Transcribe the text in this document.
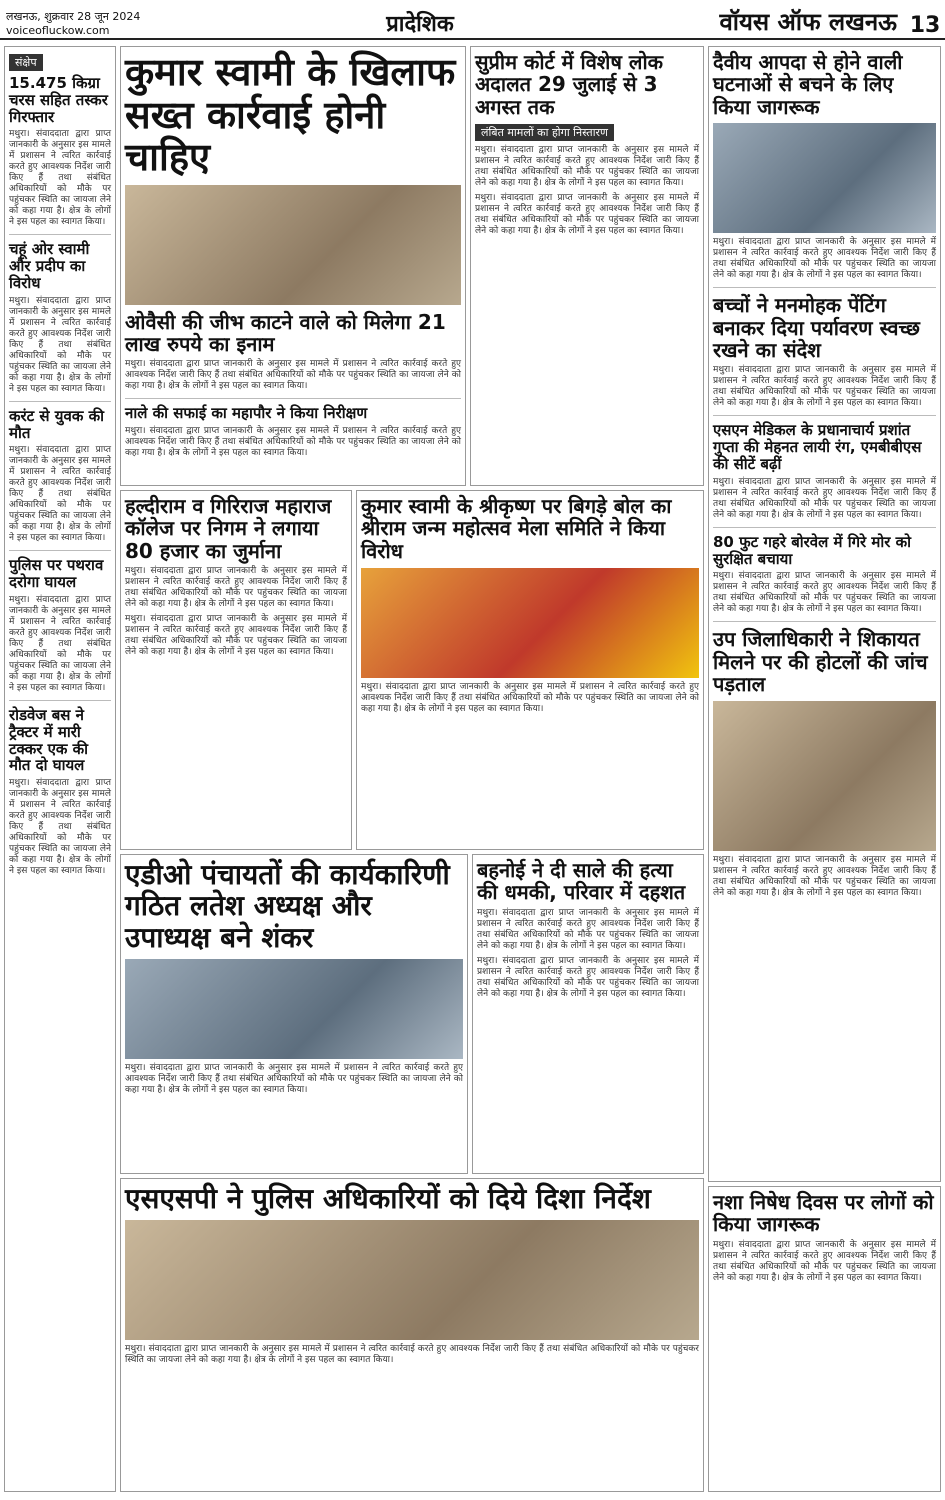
लखनऊ, शुक्रवार 28 जून 2024
voiceofluckow.com	प्रादेशिक	वॉयस ऑफ लखनऊ 13
संक्षेप
15.475 किग्रा चरस सहित तस्कर गिरफ्तार
मथुरा। संवाददाता द्वारा प्राप्त जानकारी के अनुसार इस मामले में प्रशासन ने त्वरित कार्रवाई करते हुए आवश्यक निर्देश जारी किए हैं तथा संबंधित अधिकारियों को मौके पर पहुंचकर स्थिति का जायजा लेने को कहा गया है। क्षेत्र के लोगों ने इस पहल का स्वागत किया।
चहूं ओर स्वामी और प्रदीप का विरोध
मथुरा। संवाददाता द्वारा प्राप्त जानकारी के अनुसार इस मामले में प्रशासन ने त्वरित कार्रवाई करते हुए आवश्यक निर्देश जारी किए हैं तथा संबंधित अधिकारियों को मौके पर पहुंचकर स्थिति का जायजा लेने को कहा गया है। क्षेत्र के लोगों ने इस पहल का स्वागत किया।
करंट से युवक की मौत
मथुरा। संवाददाता द्वारा प्राप्त जानकारी के अनुसार इस मामले में प्रशासन ने त्वरित कार्रवाई करते हुए आवश्यक निर्देश जारी किए हैं तथा संबंधित अधिकारियों को मौके पर पहुंचकर स्थिति का जायजा लेने को कहा गया है। क्षेत्र के लोगों ने इस पहल का स्वागत किया।
पुलिस पर पथराव दरोगा घायल
मथुरा। संवाददाता द्वारा प्राप्त जानकारी के अनुसार इस मामले में प्रशासन ने त्वरित कार्रवाई करते हुए आवश्यक निर्देश जारी किए हैं तथा संबंधित अधिकारियों को मौके पर पहुंचकर स्थिति का जायजा लेने को कहा गया है। क्षेत्र के लोगों ने इस पहल का स्वागत किया।
रोडवेज बस ने ट्रैक्टर में मारी टक्कर एक की मौत दो घायल
मथुरा। संवाददाता द्वारा प्राप्त जानकारी के अनुसार इस मामले में प्रशासन ने त्वरित कार्रवाई करते हुए आवश्यक निर्देश जारी किए हैं तथा संबंधित अधिकारियों को मौके पर पहुंचकर स्थिति का जायजा लेने को कहा गया है। क्षेत्र के लोगों ने इस पहल का स्वागत किया।
कुमार स्वामी के खिलाफ सख्त कार्रवाई होनी चाहिए
ओवैसी की जीभ काटने वाले को मिलेगा 21 लाख रुपये का इनाम
मथुरा। संवाददाता द्वारा प्राप्त जानकारी के अनुसार इस मामले में प्रशासन ने त्वरित कार्रवाई करते हुए आवश्यक निर्देश जारी किए हैं तथा संबंधित अधिकारियों को मौके पर पहुंचकर स्थिति का जायजा लेने को कहा गया है। क्षेत्र के लोगों ने इस पहल का स्वागत किया।
नाले की सफाई का महापौर ने किया निरीक्षण
मथुरा। संवाददाता द्वारा प्राप्त जानकारी के अनुसार इस मामले में प्रशासन ने त्वरित कार्रवाई करते हुए आवश्यक निर्देश जारी किए हैं तथा संबंधित अधिकारियों को मौके पर पहुंचकर स्थिति का जायजा लेने को कहा गया है। क्षेत्र के लोगों ने इस पहल का स्वागत किया।
सुप्रीम कोर्ट में विशेष लोक अदालत 29 जुलाई से 3 अगस्त तक
लंबित मामलों का होगा निस्तारण
मथुरा। संवाददाता द्वारा प्राप्त जानकारी के अनुसार इस मामले में प्रशासन ने त्वरित कार्रवाई करते हुए आवश्यक निर्देश जारी किए हैं तथा संबंधित अधिकारियों को मौके पर पहुंचकर स्थिति का जायजा लेने को कहा गया है। क्षेत्र के लोगों ने इस पहल का स्वागत किया।
मथुरा। संवाददाता द्वारा प्राप्त जानकारी के अनुसार इस मामले में प्रशासन ने त्वरित कार्रवाई करते हुए आवश्यक निर्देश जारी किए हैं तथा संबंधित अधिकारियों को मौके पर पहुंचकर स्थिति का जायजा लेने को कहा गया है। क्षेत्र के लोगों ने इस पहल का स्वागत किया।
दैवीय आपदा से होने वाली घटनाओं से बचने के लिए किया जागरूक
मथुरा। संवाददाता द्वारा प्राप्त जानकारी के अनुसार इस मामले में प्रशासन ने त्वरित कार्रवाई करते हुए आवश्यक निर्देश जारी किए हैं तथा संबंधित अधिकारियों को मौके पर पहुंचकर स्थिति का जायजा लेने को कहा गया है। क्षेत्र के लोगों ने इस पहल का स्वागत किया।
बच्चों ने मनमोहक पेंटिंग बनाकर दिया पर्यावरण स्वच्छ रखने का संदेश
मथुरा। संवाददाता द्वारा प्राप्त जानकारी के अनुसार इस मामले में प्रशासन ने त्वरित कार्रवाई करते हुए आवश्यक निर्देश जारी किए हैं तथा संबंधित अधिकारियों को मौके पर पहुंचकर स्थिति का जायजा लेने को कहा गया है। क्षेत्र के लोगों ने इस पहल का स्वागत किया।
एसएन मेडिकल के प्रधानाचार्य प्रशांत गुप्ता की मेहनत लायी रंग, एमबीबीएस की सीटें बढ़ीं
मथुरा। संवाददाता द्वारा प्राप्त जानकारी के अनुसार इस मामले में प्रशासन ने त्वरित कार्रवाई करते हुए आवश्यक निर्देश जारी किए हैं तथा संबंधित अधिकारियों को मौके पर पहुंचकर स्थिति का जायजा लेने को कहा गया है। क्षेत्र के लोगों ने इस पहल का स्वागत किया।
80 फुट गहरे बोरवेल में गिरे मोर को सुरक्षित बचाया
मथुरा। संवाददाता द्वारा प्राप्त जानकारी के अनुसार इस मामले में प्रशासन ने त्वरित कार्रवाई करते हुए आवश्यक निर्देश जारी किए हैं तथा संबंधित अधिकारियों को मौके पर पहुंचकर स्थिति का जायजा लेने को कहा गया है। क्षेत्र के लोगों ने इस पहल का स्वागत किया।
उप जिलाधिकारी ने शिकायत मिलने पर की होटलों की जांच पड़ताल
मथुरा। संवाददाता द्वारा प्राप्त जानकारी के अनुसार इस मामले में प्रशासन ने त्वरित कार्रवाई करते हुए आवश्यक निर्देश जारी किए हैं तथा संबंधित अधिकारियों को मौके पर पहुंचकर स्थिति का जायजा लेने को कहा गया है। क्षेत्र के लोगों ने इस पहल का स्वागत किया।
हल्दीराम व गिरिराज महाराज कॉलेज पर निगम ने लगाया 80 हजार का जुर्माना
मथुरा। संवाददाता द्वारा प्राप्त जानकारी के अनुसार इस मामले में प्रशासन ने त्वरित कार्रवाई करते हुए आवश्यक निर्देश जारी किए हैं तथा संबंधित अधिकारियों को मौके पर पहुंचकर स्थिति का जायजा लेने को कहा गया है। क्षेत्र के लोगों ने इस पहल का स्वागत किया।
मथुरा। संवाददाता द्वारा प्राप्त जानकारी के अनुसार इस मामले में प्रशासन ने त्वरित कार्रवाई करते हुए आवश्यक निर्देश जारी किए हैं तथा संबंधित अधिकारियों को मौके पर पहुंचकर स्थिति का जायजा लेने को कहा गया है। क्षेत्र के लोगों ने इस पहल का स्वागत किया।
कुमार स्वामी के श्रीकृष्ण पर बिगड़े बोल का श्रीराम जन्म महोत्सव मेला समिति ने किया विरोध
मथुरा। संवाददाता द्वारा प्राप्त जानकारी के अनुसार इस मामले में प्रशासन ने त्वरित कार्रवाई करते हुए आवश्यक निर्देश जारी किए हैं तथा संबंधित अधिकारियों को मौके पर पहुंचकर स्थिति का जायजा लेने को कहा गया है। क्षेत्र के लोगों ने इस पहल का स्वागत किया।
एडीओ पंचायतों की कार्यकारिणी गठित लतेश अध्यक्ष और उपाध्यक्ष बने शंकर
मथुरा। संवाददाता द्वारा प्राप्त जानकारी के अनुसार इस मामले में प्रशासन ने त्वरित कार्रवाई करते हुए आवश्यक निर्देश जारी किए हैं तथा संबंधित अधिकारियों को मौके पर पहुंचकर स्थिति का जायजा लेने को कहा गया है। क्षेत्र के लोगों ने इस पहल का स्वागत किया।
बहनोई ने दी साले की हत्या की धमकी, परिवार में दहशत
मथुरा। संवाददाता द्वारा प्राप्त जानकारी के अनुसार इस मामले में प्रशासन ने त्वरित कार्रवाई करते हुए आवश्यक निर्देश जारी किए हैं तथा संबंधित अधिकारियों को मौके पर पहुंचकर स्थिति का जायजा लेने को कहा गया है। क्षेत्र के लोगों ने इस पहल का स्वागत किया।
मथुरा। संवाददाता द्वारा प्राप्त जानकारी के अनुसार इस मामले में प्रशासन ने त्वरित कार्रवाई करते हुए आवश्यक निर्देश जारी किए हैं तथा संबंधित अधिकारियों को मौके पर पहुंचकर स्थिति का जायजा लेने को कहा गया है। क्षेत्र के लोगों ने इस पहल का स्वागत किया।
एसएसपी ने पुलिस अधिकारियों को दिये दिशा निर्देश
मथुरा। संवाददाता द्वारा प्राप्त जानकारी के अनुसार इस मामले में प्रशासन ने त्वरित कार्रवाई करते हुए आवश्यक निर्देश जारी किए हैं तथा संबंधित अधिकारियों को मौके पर पहुंचकर स्थिति का जायजा लेने को कहा गया है। क्षेत्र के लोगों ने इस पहल का स्वागत किया।
नशा निषेध दिवस पर लोगों को किया जागरूक
मथुरा। संवाददाता द्वारा प्राप्त जानकारी के अनुसार इस मामले में प्रशासन ने त्वरित कार्रवाई करते हुए आवश्यक निर्देश जारी किए हैं तथा संबंधित अधिकारियों को मौके पर पहुंचकर स्थिति का जायजा लेने को कहा गया है। क्षेत्र के लोगों ने इस पहल का स्वागत किया।
